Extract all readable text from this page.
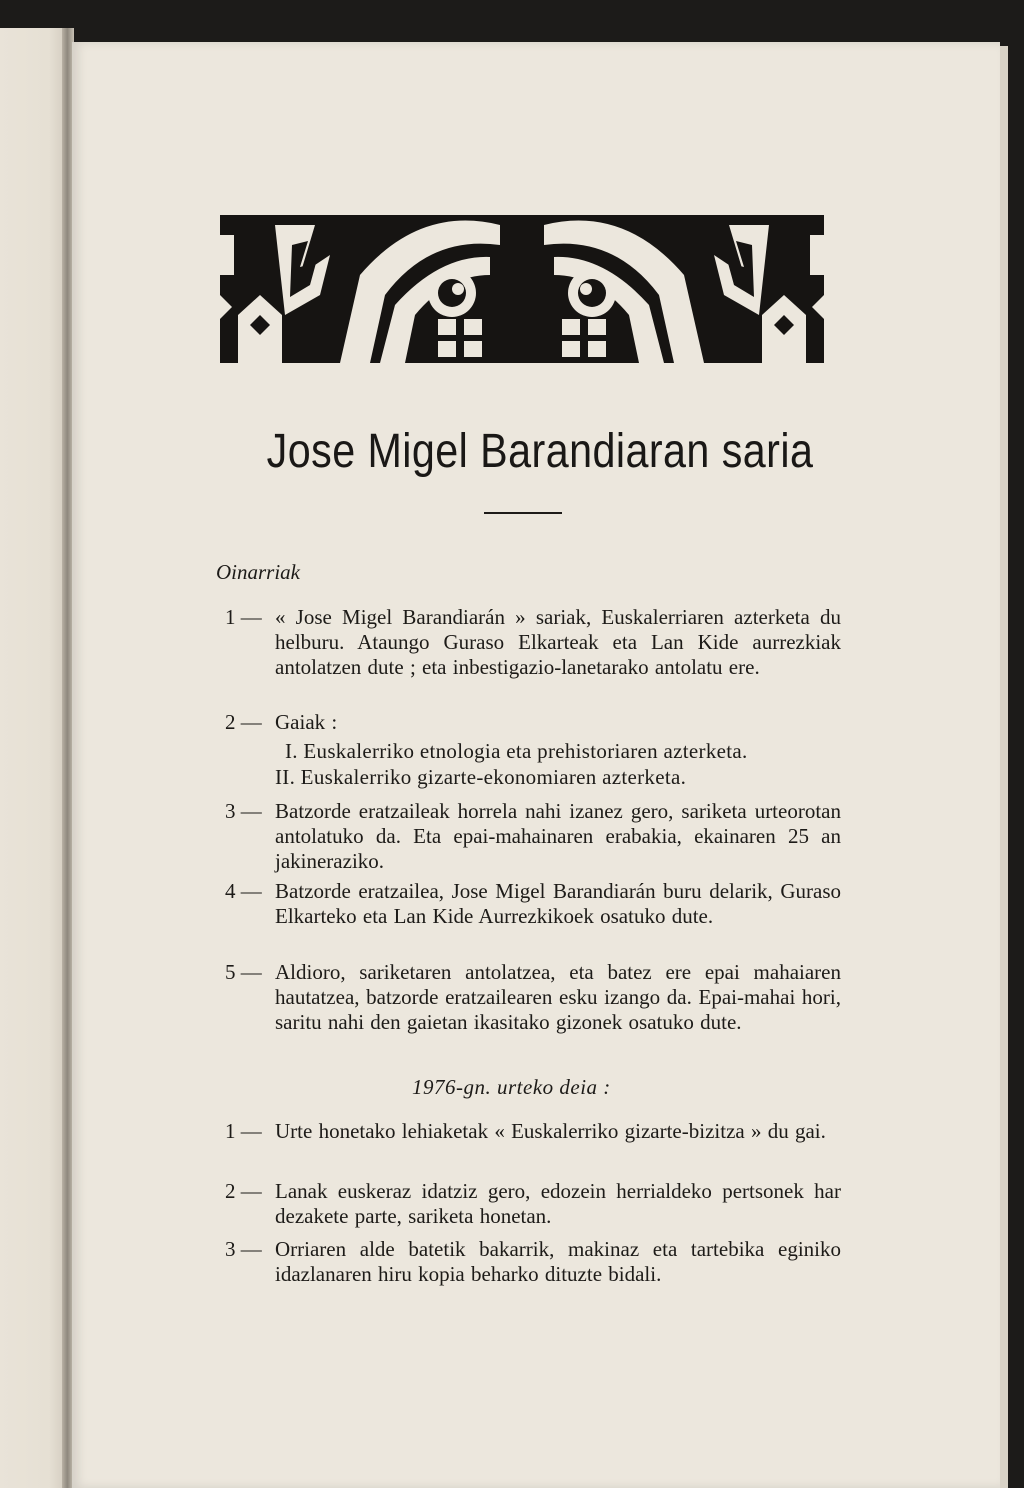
Jose Migel Barandiaran saria
Oinarriak
1 — « Jose Migel Barandiarán » sariak, Euskalerriaren azterketa du helburu. Ataungo Guraso Elkarteak eta Lan Kide aurrezkiak antolatzen dute ; eta inbestigazio-lanetarako antolatu ere.
2 — Gaiak :
I. Euskalerriko etnologia eta prehistoriaren azterketa.
II. Euskalerriko gizarte-ekonomiaren azterketa.
3 — Batzorde eratzaileak horrela nahi izanez gero, sariketa urteorotan antolatuko da. Eta epai-mahainaren erabakia, ekainaren 25 an jakineraziko.
4 — Batzorde eratzailea, Jose Migel Barandiarán buru delarik, Guraso Elkarteko eta Lan Kide Aurrezkikoek osatuko dute.
5 — Aldioro, sariketaren antolatzea, eta batez ere epai mahaiaren hautatzea, batzorde eratzailearen esku izango da. Epai-mahai hori, saritu nahi den gaietan ikasitako gizonek osatuko dute.
1976-gn. urteko deia :
1 — Urte honetako lehiaketak « Euskalerriko gizarte-bizitza » du gai.
2 — Lanak euskeraz idatziz gero, edozein herrialdeko pertsonek har dezakete parte, sariketa honetan.
3 — Orriaren alde batetik bakarrik, makinaz eta tartebika eginiko idazlanaren hiru kopia beharko dituzte bidali.
